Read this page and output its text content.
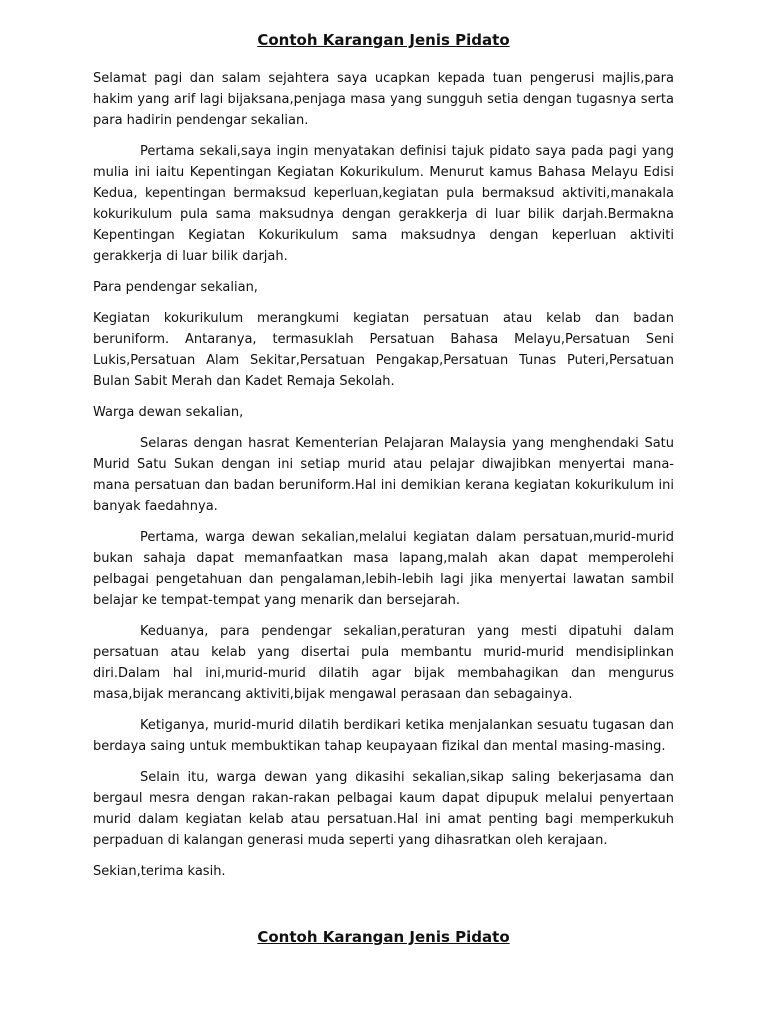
Contoh Karangan Jenis Pidato

Selamat pagi dan salam sejahtera saya ucapkan kepada tuan pengerusi majlis,para hakim yang arif lagi bijaksana,penjaga masa yang sungguh setia dengan tugasnya serta para hadirin pendengar sekalian.

Pertama sekali,saya ingin menyatakan definisi tajuk pidato saya pada pagi yang mulia ini iaitu Kepentingan Kegiatan Kokurikulum. Menurut kamus Bahasa Melayu Edisi Kedua, kepentingan bermaksud keperluan,kegiatan pula bermaksud aktiviti,manakala kokurikulum pula sama maksudnya dengan gerakkerja di luar bilik darjah.Bermakna Kepentingan Kegiatan Kokurikulum sama maksudnya dengan keperluan aktiviti gerakkerja di luar bilik darjah.

Para pendengar sekalian,

Kegiatan kokurikulum merangkumi kegiatan persatuan atau kelab dan badan beruniform. Antaranya, termasuklah Persatuan Bahasa Melayu,Persatuan Seni Lukis,Persatuan Alam Sekitar,Persatuan Pengakap,Persatuan Tunas Puteri,Persatuan Bulan Sabit Merah dan Kadet Remaja Sekolah.

Warga dewan sekalian,

Selaras dengan hasrat Kementerian Pelajaran Malaysia yang menghendaki Satu Murid Satu Sukan dengan ini setiap murid atau pelajar diwajibkan menyertai mana-mana persatuan dan badan beruniform.Hal ini demikian kerana kegiatan kokurikulum ini banyak faedahnya.

Pertama, warga dewan sekalian,melalui kegiatan dalam persatuan,murid-murid bukan sahaja dapat memanfaatkan masa lapang,malah akan dapat memperolehi pelbagai pengetahuan dan pengalaman,lebih-lebih lagi jika menyertai lawatan sambil belajar ke tempat-tempat yang menarik dan bersejarah.

Keduanya, para pendengar sekalian,peraturan yang mesti dipatuhi dalam persatuan atau kelab yang disertai pula membantu murid-murid mendisiplinkan diri.Dalam hal ini,murid-murid dilatih agar bijak membahagikan dan mengurus masa,bijak merancang aktiviti,bijak mengawal perasaan dan sebagainya.

Ketiganya, murid-murid dilatih berdikari ketika menjalankan sesuatu tugasan dan berdaya saing untuk membuktikan tahap keupayaan fizikal dan mental masing-masing.

Selain itu, warga dewan yang dikasihi sekalian,sikap saling bekerjasama dan bergaul mesra dengan rakan-rakan pelbagai kaum dapat dipupuk melalui penyertaan murid dalam kegiatan kelab atau persatuan.Hal ini amat penting bagi memperkukuh perpaduan di kalangan generasi muda seperti yang dihasratkan oleh kerajaan.

Sekian,terima kasih.

Contoh Karangan Jenis Pidato
